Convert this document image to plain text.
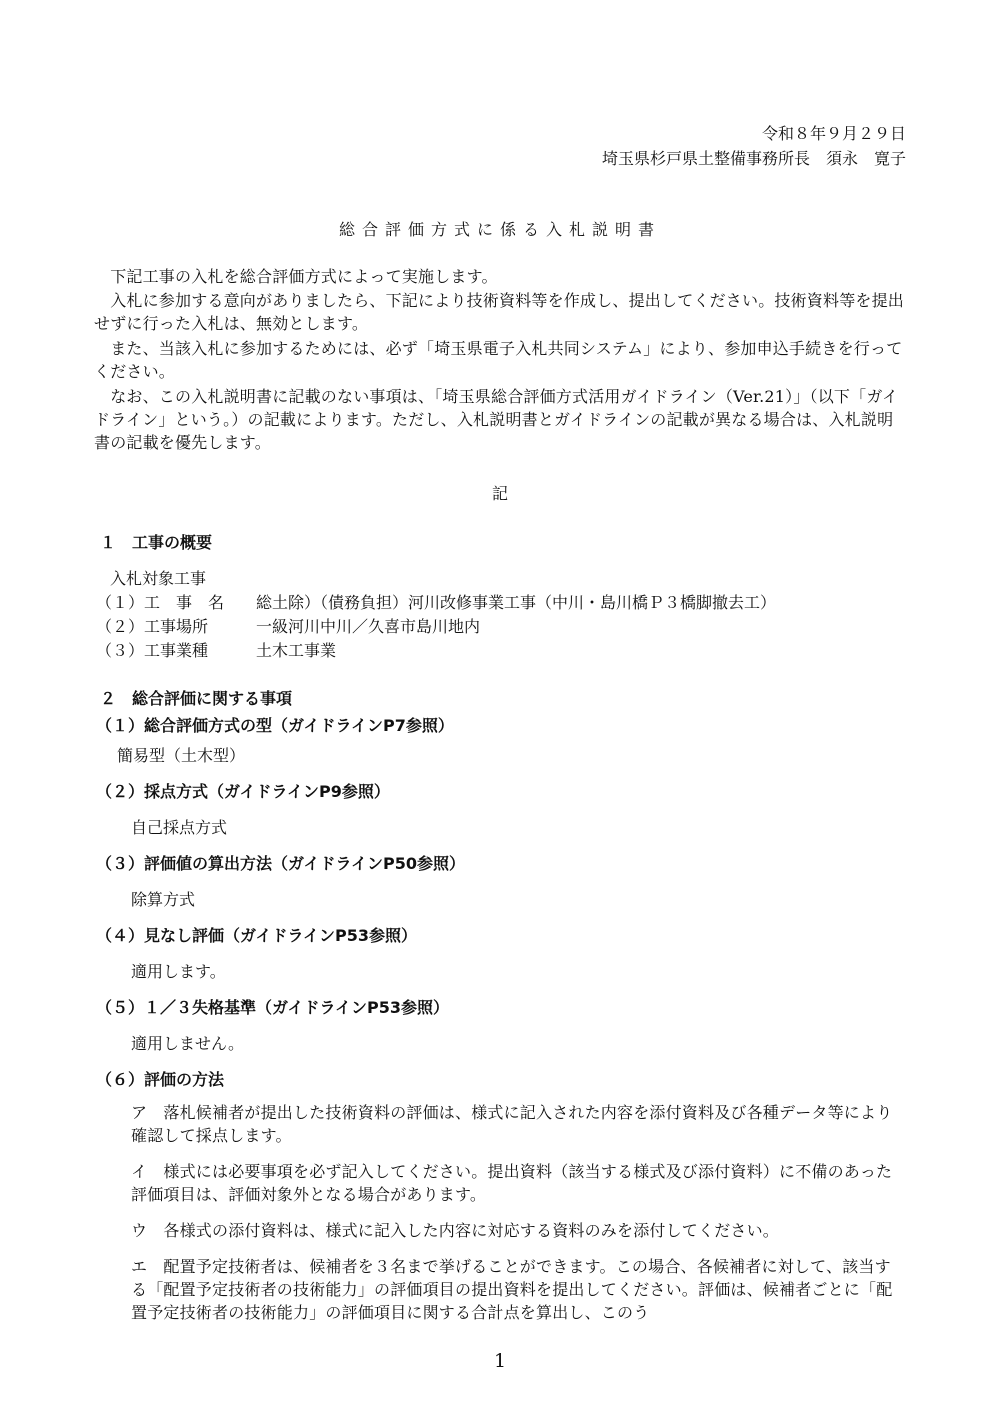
令和８年９月２９日
埼玉県杉戸県土整備事務所長　須永　寛子
総合評価方式に係る入札説明書
　下記工事の入札を総合評価方式によって実施します。
　入札に参加する意向がありましたら、下記により技術資料等を作成し、提出してください。技術資料等を提出せずに行った入札は、無効とします。
　また、当該入札に参加するためには、必ず「埼玉県電子入札共同システム」により、参加申込手続きを行ってください。
　なお、この入札説明書に記載のない事項は、「埼玉県総合評価方式活用ガイドライン（Ver.21）」（以下「ガイドライン」という。）の記載によります。ただし、入札説明書とガイドラインの記載が異なる場合は、入札説明書の記載を優先します。
記
１　工事の概要
入札対象工事
（１）工　事　名 総土除）（債務負担）河川改修事業工事（中川・島川橋Ｐ３橋脚撤去工）
（２）工事場所	一級河川中川／久喜市島川地内
（３）工事業種	土木工事業
２　総合評価に関する事項
（１）総合評価方式の型（ガイドラインP7参照）
簡易型（土木型）
（２）採点方式（ガイドラインP9参照）
自己採点方式
（３）評価値の算出方法（ガイドラインP50参照）
除算方式
（４）見なし評価（ガイドラインP53参照）
適用します。
（５）１／３失格基準（ガイドラインP53参照）
適用しません。
（６）評価の方法
ア　落札候補者が提出した技術資料の評価は、様式に記入された内容を添付資料及び各種データ等により確認して採点します。
イ　様式には必要事項を必ず記入してください。提出資料（該当する様式及び添付資料）に不備のあった評価項目は、評価対象外となる場合があります。
ウ　各様式の添付資料は、様式に記入した内容に対応する資料のみを添付してください。
エ　配置予定技術者は、候補者を３名まで挙げることができます。この場合、各候補者に対して、該当する「配置予定技術者の技術能力」の評価項目の提出資料を提出してください。評価は、候補者ごとに「配置予定技術者の技術能力」の評価項目に関する合計点を算出し、このう
1
